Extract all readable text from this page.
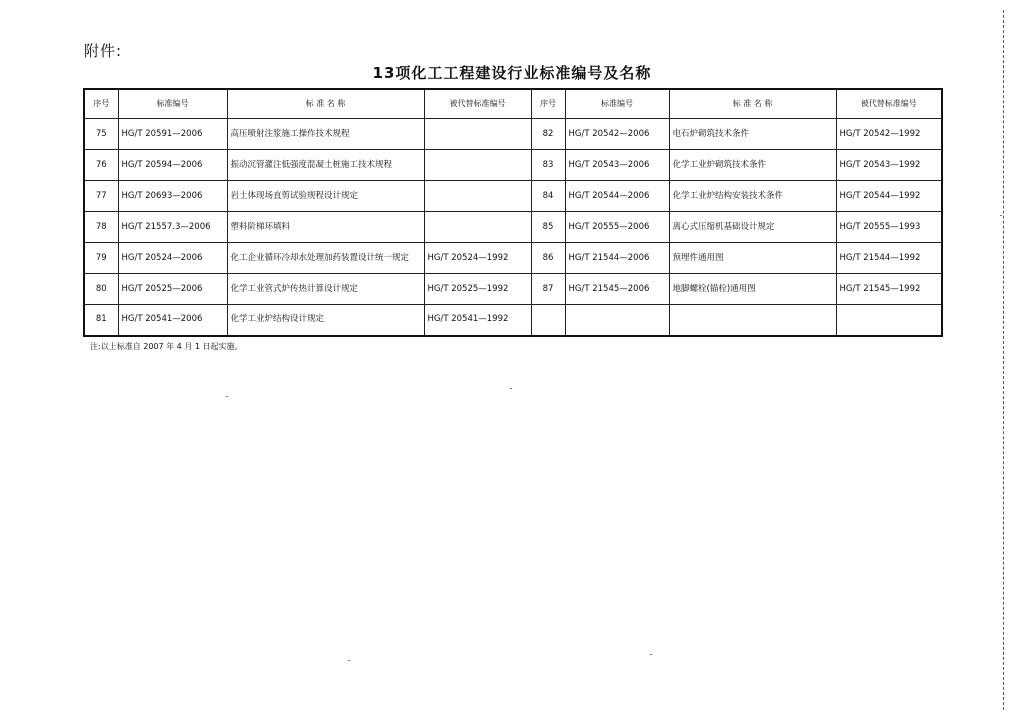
附件:
13项化工工程建设行业标准编号及名称
序号	标准编号	标 准 名 称	被代替标准编号	序号	标准编号	标 准 名 称	被代替标准编号
75	HG/T 20591—2006	高压喷射注浆施工操作技术规程		82	HG/T 20542—2006	电石炉砌筑技术条件	HG/T 20542—1992
76	HG/T 20594—2006	振动沉管灌注低强度混凝土桩施工技术规程		83	HG/T 20543—2006	化学工业炉砌筑技术条件	HG/T 20543—1992
77	HG/T 20693—2006	岩土体现场直剪试验规程设计规定		84	HG/T 20544—2006	化学工业炉结构安装技术条件	HG/T 20544—1992
78	HG/T 21557.3—2006	塑料阶梯环填料		85	HG/T 20555—2006	离心式压缩机基础设计规定	HG/T 20555—1993
79	HG/T 20524—2006	化工企业循环冷却水处理加药装置设计统一规定	HG/T 20524—1992	86	HG/T 21544—2006	预埋件通用图	HG/T 21544—1992
80	HG/T 20525—2006	化学工业管式炉传热计算设计规定	HG/T 20525—1992	87	HG/T 21545—2006	地脚螺栓(锚栓)通用图	HG/T 21545—1992
81	HG/T 20541—2006	化学工业炉结构设计规定	HG/T 20541—1992				
注:以上标准自 2007 年 4 月 1 日起实施。
